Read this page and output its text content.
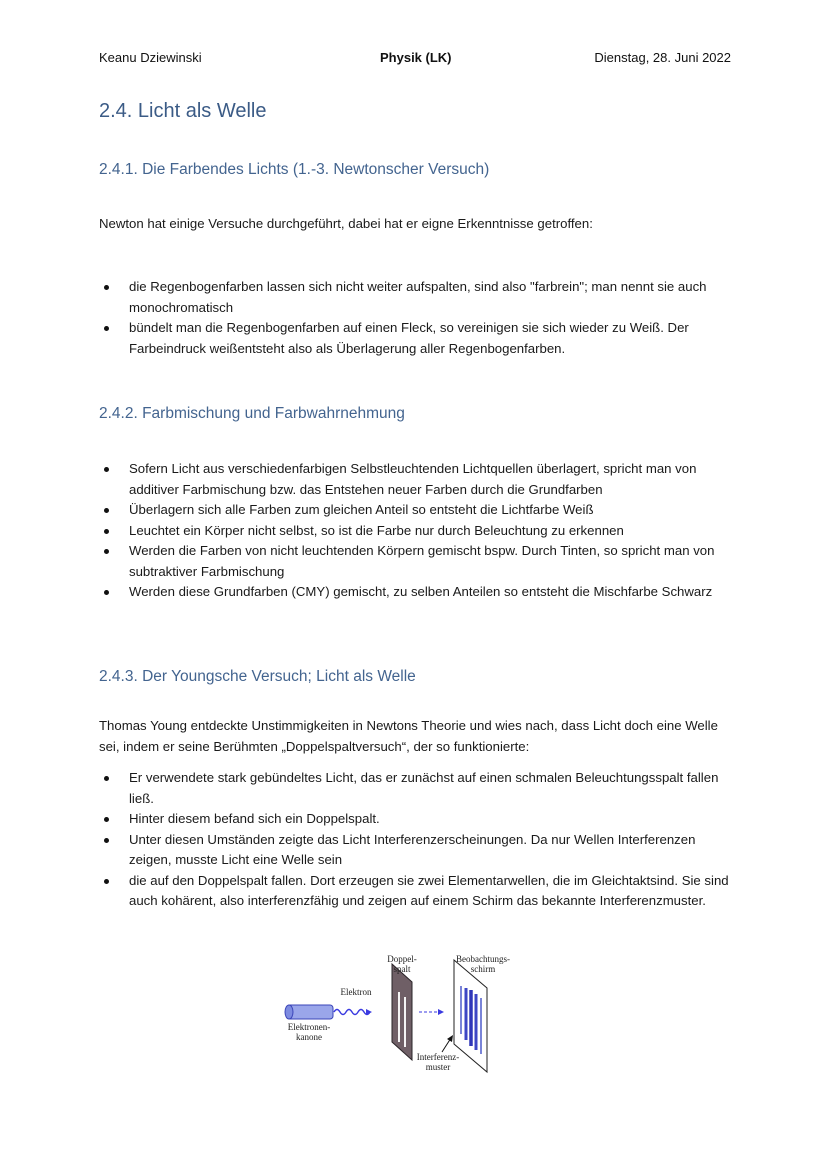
Keanu Dziewinski	Physik (LK)	Dienstag, 28. Juni 2022
2.4. Licht als Welle
2.4.1. Die Farbendes Lichts (1.-3. Newtonscher Versuch)

Newton hat einige Versuche durchgeführt, dabei hat er eigne Erkenntnisse getroffen:

die Regenbogenfarben lassen sich nicht weiter aufspalten, sind also "farbrein"; man nennt sie auch monochromatisch
bündelt man die Regenbogenfarben auf einen Fleck, so vereinigen sie sich wieder zu Weiß. Der Farbeindruck weißentsteht also als Überlagerung aller Regenbogenfarben.
2.4.2. Farbmischung und Farbwahrnehmung
Sofern Licht aus verschiedenfarbigen Selbstleuchtenden Lichtquellen überlagert, spricht man von additiver Farbmischung bzw. das Entstehen neuer Farben durch die Grundfarben
Überlagern sich alle Farben zum gleichen Anteil so entsteht die Lichtfarbe Weiß
Leuchtet ein Körper nicht selbst, so ist die Farbe nur durch Beleuchtung zu erkennen
Werden die Farben von nicht leuchtenden Körpern gemischt bspw. Durch Tinten, so spricht man von subtraktiver Farbmischung
Werden diese Grundfarben (CMY) gemischt, zu selben Anteilen so entsteht die Mischfarbe Schwarz
2.4.3. Der Youngsche Versuch; Licht als Welle

Thomas Young entdeckte Unstimmigkeiten in Newtons Theorie und wies nach, dass Licht doch eine Welle sei, indem er seine Berühmten „Doppelspaltversuch“, der so funktionierte:

Er verwendete stark gebündeltes Licht, das er zunächst auf einen schmalen Beleuchtungsspalt fallen ließ.
Hinter diesem befand sich ein Doppelspalt.
Unter diesen Umständen zeigte das Licht Interferenzerscheinungen. Da nur Wellen Interferenzen zeigen, musste Licht eine Welle sein
die auf den Doppelspalt fallen. Dort erzeugen sie zwei Elementarwellen, die im Gleichtaktsind. Sie sind auch kohärent, also interferenzfähig und zeigen auf einem Schirm das bekannte Interferenzmuster.
Doppel-
spalt
Beobachtungs-
schirm
Elektron
Elektronen-
kanone
Interferenz-
muster
